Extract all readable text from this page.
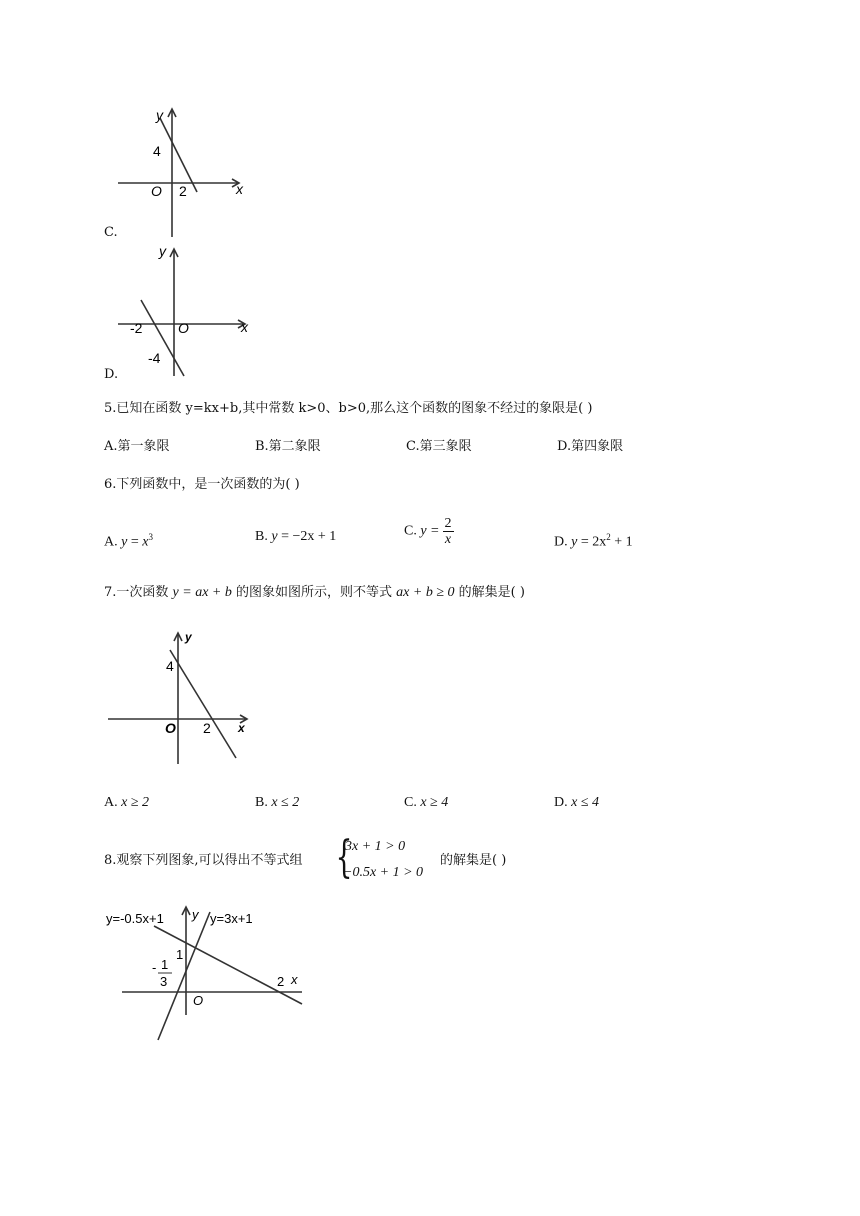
y
4
O 2	x
C.
y
-2	O	x
-4
D.
5.已知在函数 y=kx+b,其中常数 k>0、b>0,那么这个函数的图象不经过的象限是( )
A.第一象限	B.第二象限	C.第三象限	D.第四象限
6.下列函数中，是一次函数的为( )
A. $y = x^3$	B. y = −2x + 1	C. $y = \frac{2}{x}$	D. $y = 2x^2 + 1$
7.一次函数 y = ax + b 的图象如图所示，则不等式 ax + b ≥ 0 的解集是( )
y
4
O 2 x
A. x ≥ 2	B. x ≤ 2	C. x ≥ 4	D. x ≤ 4
8.观察下列图象,可以得出不等式组 {
3x + 1 > 0
−0.5x + 1 > 0
的解集是( )
y=-0.5x+1 y y=3x+1
1
- 1
3	2 x
O
